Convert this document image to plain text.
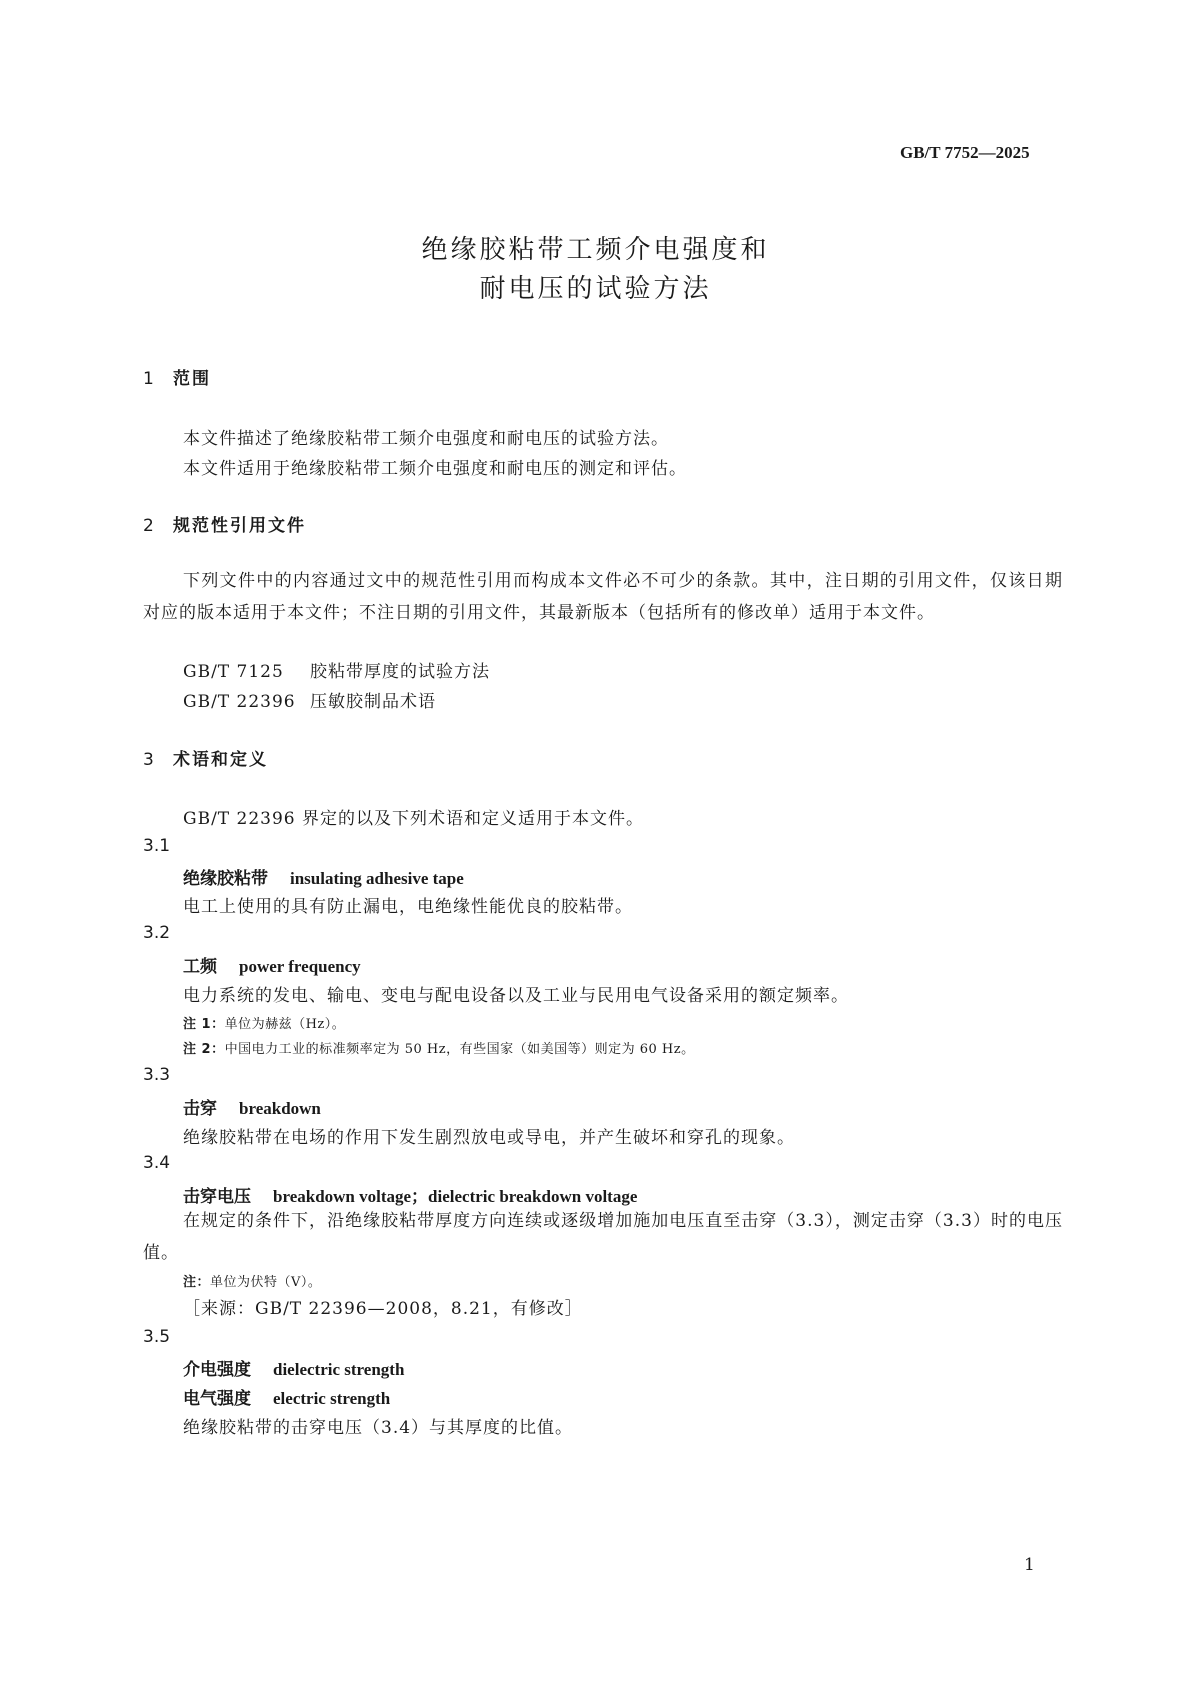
GB/T 7752—2025
绝缘胶粘带工频介电强度和
耐电压的试验方法
1 范围
本文件描述了绝缘胶粘带工频介电强度和耐电压的试验方法。
本文件适用于绝缘胶粘带工频介电强度和耐电压的测定和评估。
2 规范性引用文件
下列文件中的内容通过文中的规范性引用而构成本文件必不可少的条款。其中，注日期的引用文件，仅该日期对应的版本适用于本文件；不注日期的引用文件，其最新版本（包括所有的修改单）适用于本文件。
GB/T 7125 胶粘带厚度的试验方法
GB/T 22396 压敏胶制品术语
3 术语和定义
GB/T 22396 界定的以及下列术语和定义适用于本文件。
3.1
绝缘胶粘带 insulating adhesive tape
电工上使用的具有防止漏电，电绝缘性能优良的胶粘带。
3.2
工频 power frequency
电力系统的发电、输电、变电与配电设备以及工业与民用电气设备采用的额定频率。
注 1：单位为赫兹（Hz）。
注 2：中国电力工业的标准频率定为 50 Hz，有些国家（如美国等）则定为 60 Hz。
3.3
击穿 breakdown
绝缘胶粘带在电场的作用下发生剧烈放电或导电，并产生破坏和穿孔的现象。
3.4
击穿电压 breakdown voltage；dielectric breakdown voltage
在规定的条件下，沿绝缘胶粘带厚度方向连续或逐级增加施加电压直至击穿（3.3），测定击穿（3.3）时的电压值。
注：单位为伏特（V）。
［来源：GB/T 22396—2008，8.21，有修改］
3.5
介电强度 dielectric strength
电气强度 electric strength
绝缘胶粘带的击穿电压（3.4）与其厚度的比值。
1
